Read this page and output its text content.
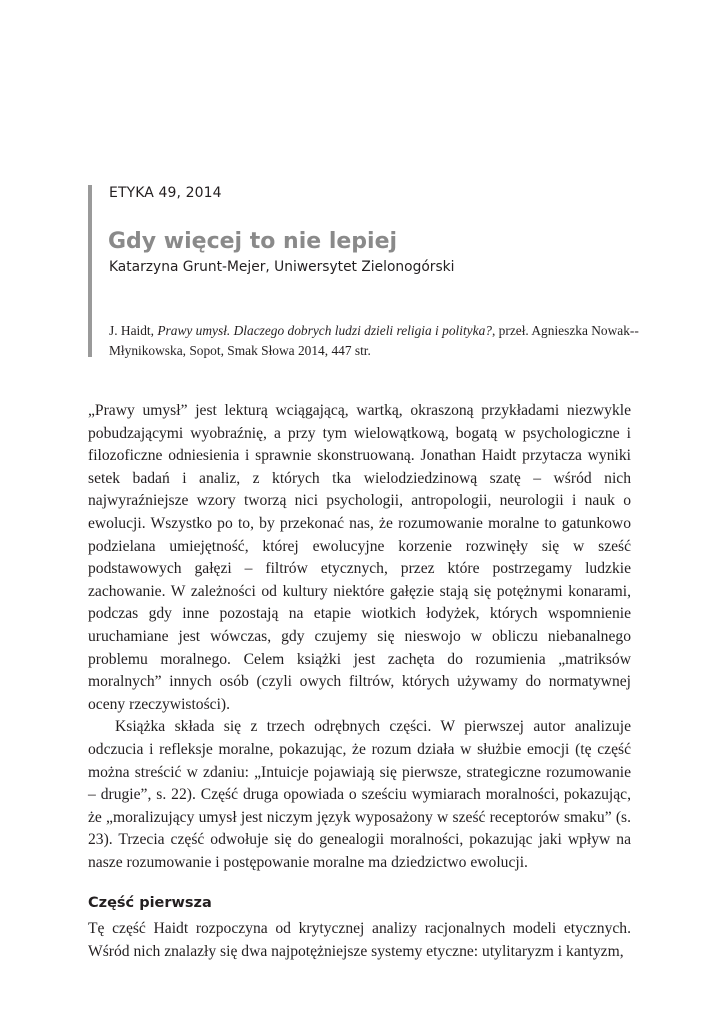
ETYKA 49, 2014
Gdy więcej to nie lepiej
Katarzyna Grunt-Mejer, Uniwersytet Zielonogórski
J. Haidt, Prawy umysł. Dlaczego dobrych ludzi dzieli religia i polityka?, przeł. Agnieszka Nowak--Młynikowska, Sopot, Smak Słowa 2014, 447 str.

„Prawy umysł” jest lekturą wciągającą, wartką, okraszoną przykładami niezwykle pobudzającymi wyobraźnię, a przy tym wielowątkową, bogatą w psychologiczne i filozoficzne odniesienia i sprawnie skonstruowaną. Jonathan Haidt przytacza wyniki setek badań i analiz, z których tka wielodziedzinową szatę – wśród nich najwyraźniejsze wzory tworzą nici psychologii, antropologii, neurologii i nauk o ewolucji. Wszystko po to, by przekonać nas, że rozumowanie moralne to gatunkowo podzielana umiejętność, której ewolucyjne korzenie rozwinęły się w sześć podstawowych gałęzi – filtrów etycznych, przez które postrzegamy ludzkie zachowanie. W zależności od kultury niektóre gałęzie stają się potężnymi konarami, podczas gdy inne pozostają na etapie wiotkich łodyżek, których wspomnienie uruchamiane jest wówczas, gdy czujemy się nieswojo w obliczu niebanalnego problemu moralnego. Celem książki jest zachęta do rozumienia „matriksów moralnych” innych osób (czyli owych filtrów, których używamy do normatywnej oceny rzeczywistości).

Książka składa się z trzech odrębnych części. W pierwszej autor analizuje odczucia i refleksje moralne, pokazując, że rozum działa w służbie emocji (tę część można streścić w zdaniu: „Intuicje pojawiają się pierwsze, strategiczne rozumowanie – drugie”, s. 22). Część druga opowiada o sześciu wymiarach moralności, pokazując, że „moralizujący umysł jest niczym język wyposażony w sześć receptorów smaku” (s. 23). Trzecia część odwołuje się do genealogii moralności, pokazując jaki wpływ na nasze rozumowanie i postępowanie moralne ma dziedzictwo ewolucji.

Część pierwsza

Tę część Haidt rozpoczyna od krytycznej analizy racjonalnych modeli etycznych. Wśród nich znalazły się dwa najpotężniejsze systemy etyczne: utylitaryzm i kantyzm,
